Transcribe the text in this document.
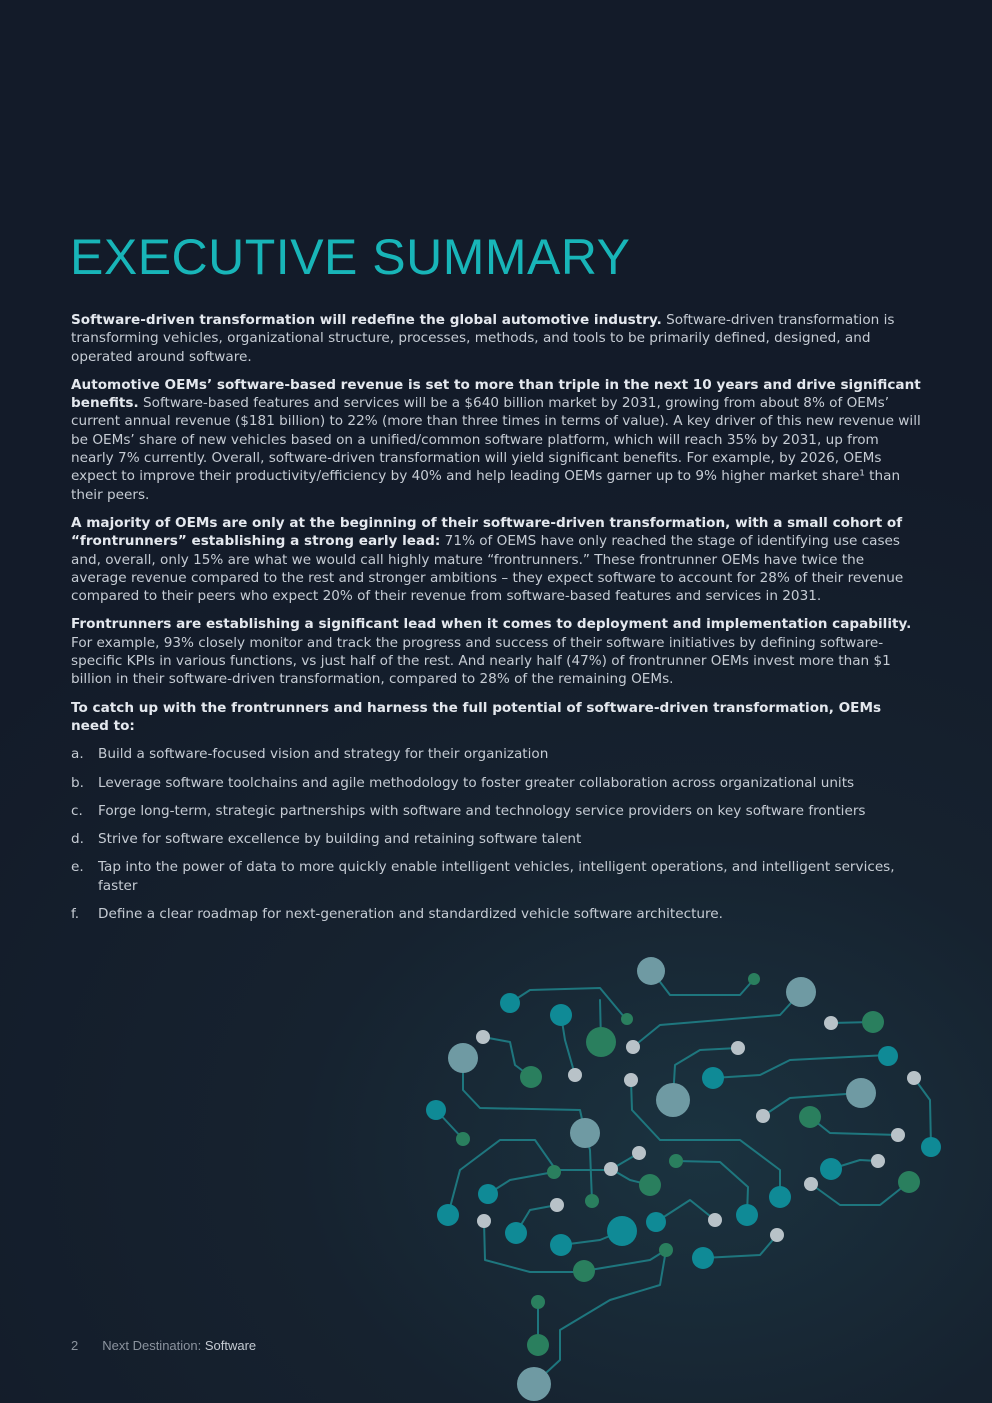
EXECUTIVE SUMMARY

Software-driven transformation will redefine the global automotive industry. Software-driven transformation is transforming vehicles, organizational structure, processes, methods, and tools to be primarily defined, designed, and operated around software.

Automotive OEMs’ software-based revenue is set to more than triple in the next 10 years and drive significant benefits. Software-based features and services will be a $640 billion market by 2031, growing from about 8% of OEMs’ current annual revenue ($181 billion) to 22% (more than three times in terms of value). A key driver of this new revenue will be OEMs’ share of new vehicles based on a unified/common software platform, which will reach 35% by 2031, up from nearly 7% currently. Overall, software-driven transformation will yield significant benefits. For example, by 2026, OEMs expect to improve their productivity/efficiency by 40% and help leading OEMs garner up to 9% higher market share¹ than their peers.

A majority of OEMs are only at the beginning of their software-driven transformation, with a small cohort of “frontrunners” establishing a strong early lead: 71% of OEMS have only reached the stage of identifying use cases and, overall, only 15% are what we would call highly mature “frontrunners.” These frontrunner OEMs have twice the average revenue compared to the rest and stronger ambitions – they expect software to account for 28% of their revenue compared to their peers who expect 20% of their revenue from software-based features and services in 2031.

Frontrunners are establishing a significant lead when it comes to deployment and implementation capability. For example, 93% closely monitor and track the progress and success of their software initiatives by defining software-specific KPIs in various functions, vs just half of the rest. And nearly half (47%) of frontrunner OEMs invest more than $1 billion in their software-driven transformation, compared to 28% of the remaining OEMs.

To catch up with the frontrunners and harness the full potential of software-driven transformation, OEMs need to:

a.	Build a software-focused vision and strategy for their organization
b.	Leverage software toolchains and agile methodology to foster greater collaboration across organizational units
c.	Forge long-term, strategic partnerships with software and technology service providers on key software frontiers
d.	Strive for software excellence by building and retaining software talent
e.	Tap into the power of data to more quickly enable intelligent vehicles, intelligent operations, and intelligent services, faster
f.	Define a clear roadmap for next-generation and standardized vehicle software architecture.
2 Next Destination: Software
